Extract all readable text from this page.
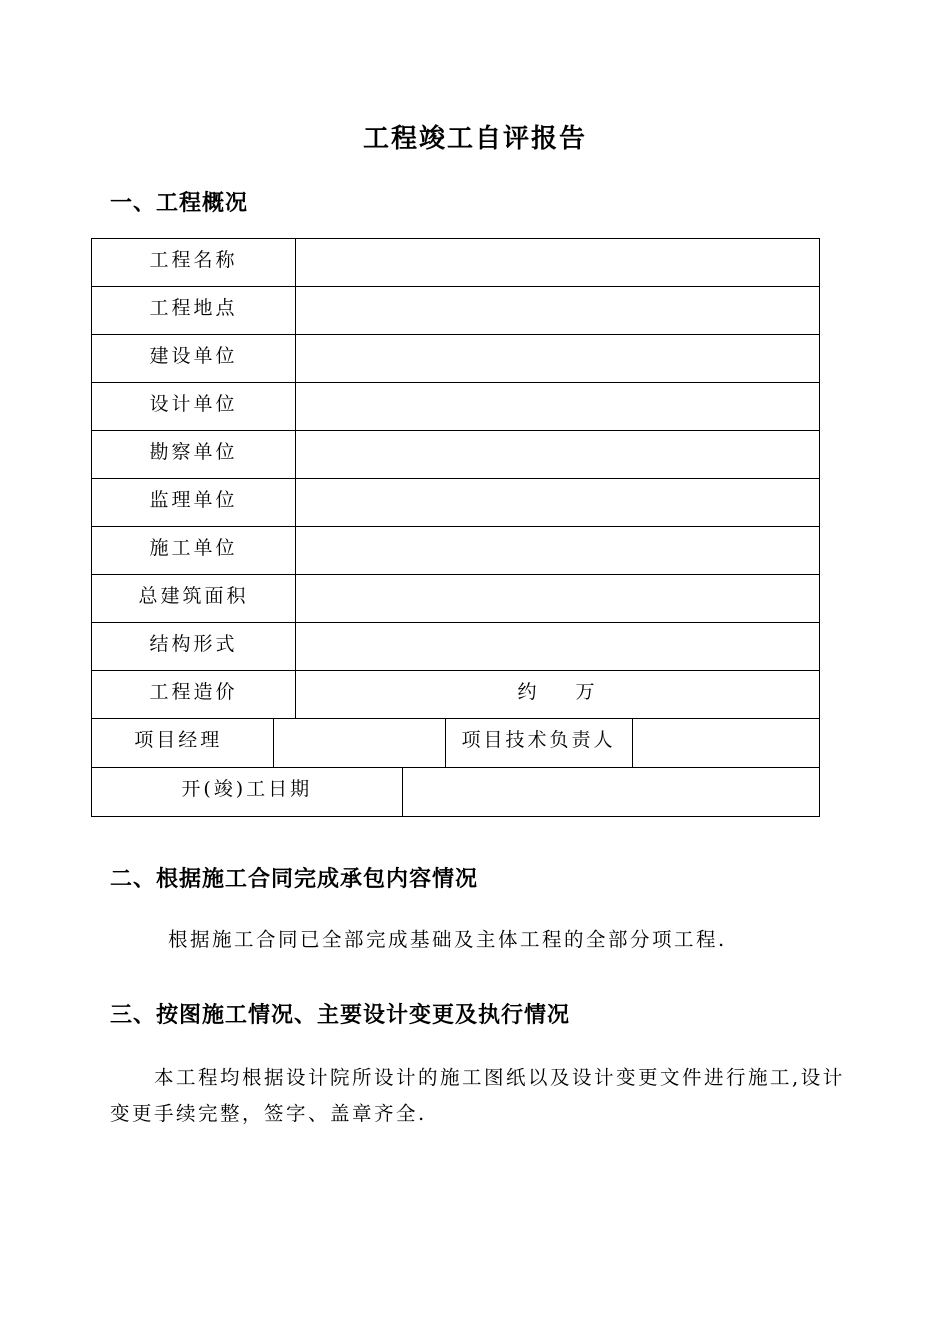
工程竣工自评报告
一、工程概况
工程名称	
工程地点	
建设单位	
设计单位	
勘察单位	
监理单位	
施工单位	
总建筑面积	
结构形式	
工程造价	约 万

项目经理		项目技术负责人	

开(竣)工日期	
二、根据施工合同完成承包内容情况
根据施工合同已全部完成基础及主体工程的全部分项工程.
三、按图施工情况、主要设计变更及执行情况
本工程均根据设计院所设计的施工图纸以及设计变更文件进行施工,设计变更手续完整，签字、盖章齐全.
